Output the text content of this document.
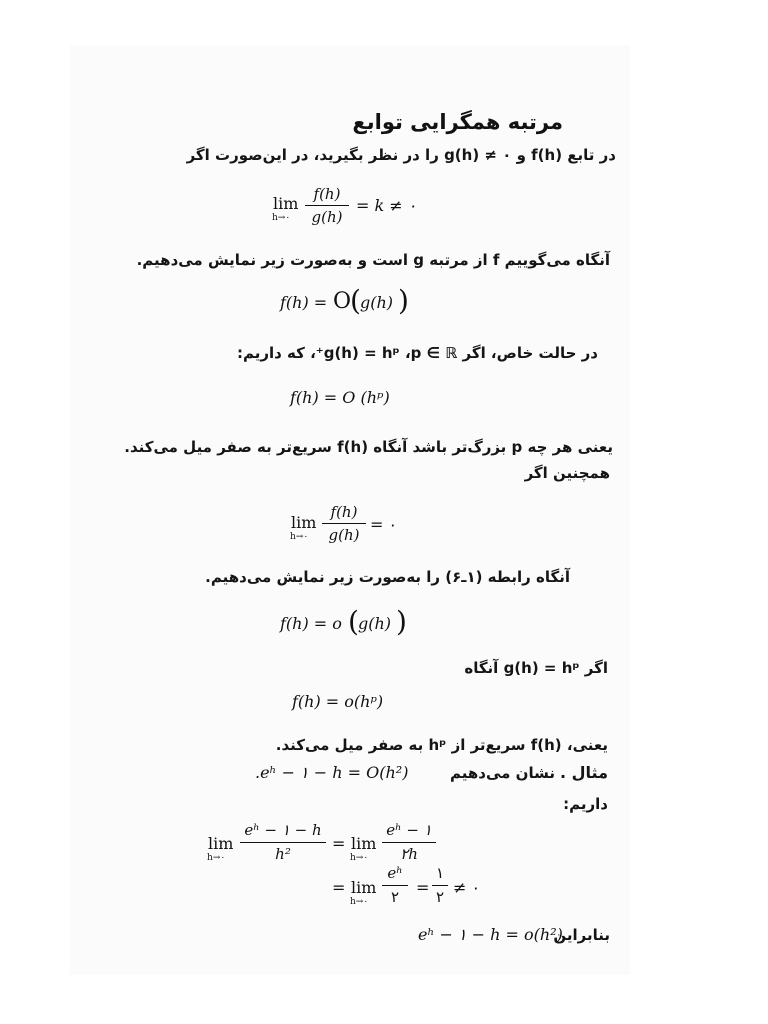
مرتبه همگرایی توابع
در تابع f(h) و ۰ ≠ g(h) را در نظر بگیرید، در این‌صورت اگر
lim
h→۰
f(h)
g(h)
= k ≠ ۰
آنگاه می‌گوییم f از مرتبه g است و به‌صورت زیر نمایش می‌دهیم.
f(h) = O
( g(h) )
در حالت خاص، اگر g(h) = hᵖ ،p ∈ ℝ⁺، که داریم:
f(h) = O (hᵖ)
یعنی هر چه p بزرگ‌تر باشد آنگاه f(h) سریع‌تر به صفر میل می‌کند.
همچنین اگر
lim
h→۰
f(h)
g(h)
= ۰
آنگاه رابطه (۱ـ۶) را به‌صورت زیر نمایش می‌دهیم.
f(h) = o ( g(h) )
اگر g(h) = hᵖ آنگاه
f(h) = o(hᵖ)
یعنی، f(h) سریع‌تر از hᵖ به صفر میل می‌کند.
مثال .
نشان می‌دهیم
.eʰ − ۱ − h = O(h²)
داریم:
lim
h→۰
eʰ − ۱ − h
h²
= lim
h→۰
eʰ − ۱
۲h
= lim
h→۰
eʰ
۲	=
۱
۲ ≠ ۰
بنابراین
eʰ − ۱ − h = o(h²)
